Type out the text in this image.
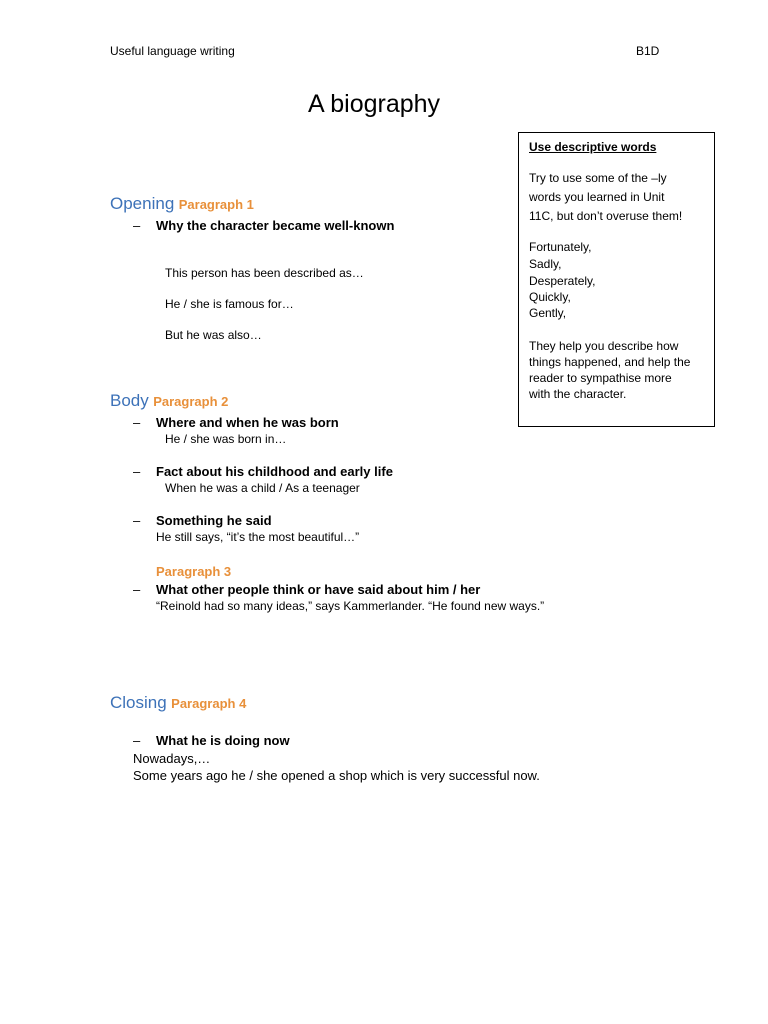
Useful language writing	B1D
A biography
Use descriptive words
Try to use some of the –ly
words you learned in Unit
11C, but don’t overuse them!
Fortunately,
Sadly,
Desperately,
Quickly,
Gently,
They help you describe how
things happened, and help the
reader to sympathise more
with the character.
Opening Paragraph 1
– Why the character became well-known
This person has been described as…
He / she is famous for…
But he was also…
Body Paragraph 2
– Where and when he was born
He / she was born in…
– Fact about his childhood and early life
When he was a child / As a teenager
– Something he said
He still says, “it’s the most beautiful…”
Paragraph 3
– What other people think or have said about him / her
“Reinold had so many ideas,” says Kammerlander. “He found new ways.”
Closing Paragraph 4
– What he is doing now
Nowadays,…
Some years ago he / she opened a shop which is very successful now.
